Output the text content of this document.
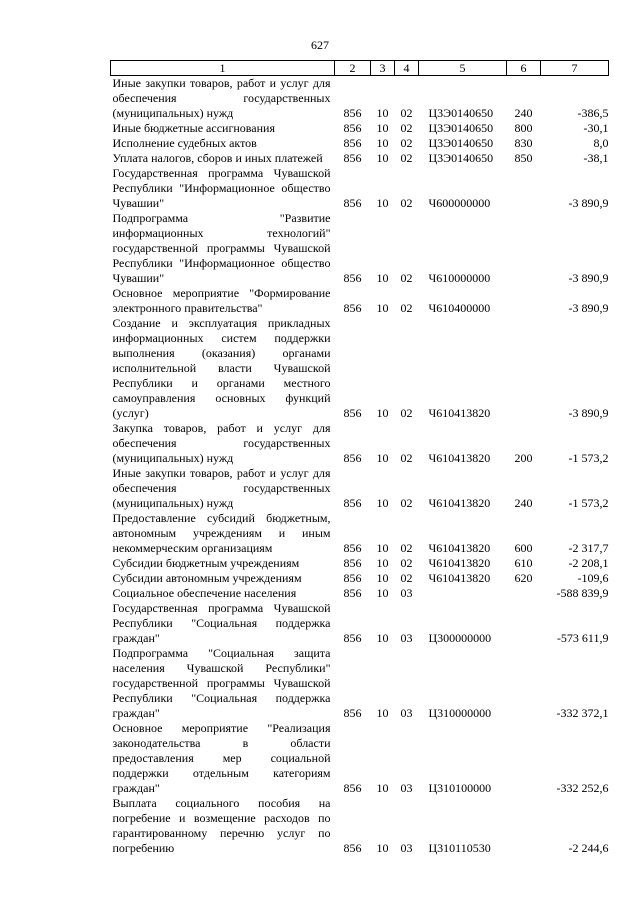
627
1	2	3	4	5	6	7
Иные закупки товаров, работ и услуг для обеспечения государственных (муниципальных) нужд	856	10	02	Ц3Э0140650	240	-386,5
Иные бюджетные ассигнования	856	10	02	Ц3Э0140650	800	-30,1
Исполнение судебных актов	856	10	02	Ц3Э0140650	830	8,0
Уплата налогов, сборов и иных платежей	856	10	02	Ц3Э0140650	850	-38,1
Государственная программа Чувашской Республики "Информационное общество Чувашии"	856	10	02	Ч600000000		-3 890,9
Подпрограмма "Развитие информационных технологий" государственной программы Чувашской Республики "Информационное общество Чувашии"	856	10	02	Ч610000000		-3 890,9
Основное мероприятие "Формирование электронного правительства"	856	10	02	Ч610400000		-3 890,9
Создание и эксплуатация прикладных информационных систем поддержки выполнения (оказания) органами исполнительной власти Чувашской Республики и органами местного самоуправления основных функций (услуг)	856	10	02	Ч610413820		-3 890,9
Закупка товаров, работ и услуг для обеспечения государственных (муниципальных) нужд	856	10	02	Ч610413820	200	-1 573,2
Иные закупки товаров, работ и услуг для обеспечения государственных (муниципальных) нужд	856	10	02	Ч610413820	240	-1 573,2
Предоставление субсидий бюджетным, автономным учреждениям и иным некоммерческим организациям	856	10	02	Ч610413820	600	-2 317,7
Субсидии бюджетным учреждениям	856	10	02	Ч610413820	610	-2 208,1
Субсидии автономным учреждениям	856	10	02	Ч610413820	620	-109,6
Социальное обеспечение населения	856	10	03			-588 839,9
Государственная программа Чувашской Республики "Социальная поддержка граждан"	856	10	03	Ц300000000		-573 611,9
Подпрограмма "Социальная защита населения Чувашской Республики" государственной программы Чувашской Республики "Социальная поддержка граждан"	856	10	03	Ц310000000		-332 372,1
Основное мероприятие "Реализация законодательства в области предоставления мер социальной поддержки отдельным категориям граждан"	856	10	03	Ц310100000		-332 252,6
Выплата социального пособия на погребение и возмещение расходов по гарантированному перечню услуг по погребению	856	10	03	Ц310110530		-2 244,6
